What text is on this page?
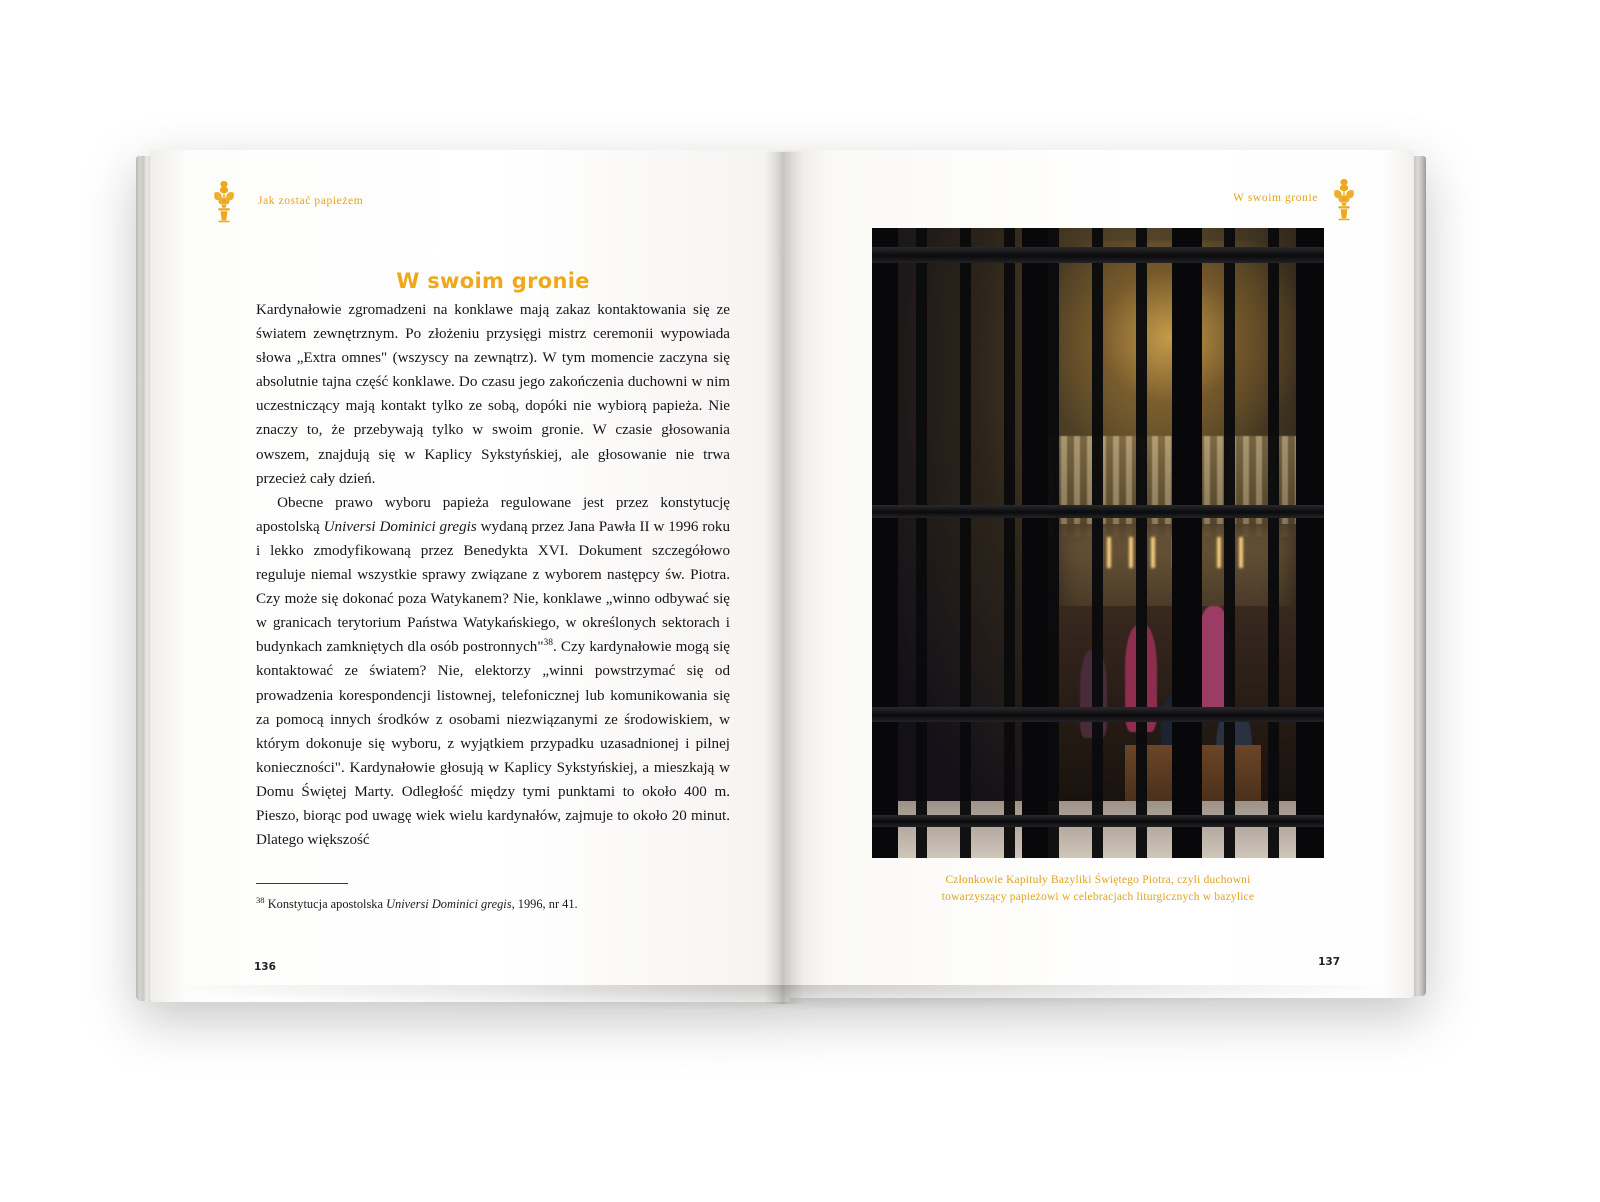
Jak zostać papieżem
W swoim gronie

Kardynałowie zgromadzeni na konklawe mają zakaz kontaktowania się ze światem zewnętrznym. Po złożeniu przysięgi mistrz ceremonii wypowiada słowa „Extra omnes" (wszyscy na zewnątrz). W tym momencie zaczyna się absolutnie tajna część konklawe. Do czasu jego zakończenia duchowni w nim uczestniczący mają kontakt tylko ze sobą, dopóki nie wybiorą papieża. Nie znaczy to, że przebywają tylko w swoim gronie. W czasie głosowania owszem, znajdują się w Kaplicy Sykstyńskiej, ale głosowanie nie trwa przecież cały dzień.

Obecne prawo wyboru papieża regulowane jest przez konstytucję apostolską Universi Dominici gregis wydaną przez Jana Pawła II w 1996 roku i lekko zmodyfikowaną przez Benedykta XVI. Dokument szczegółowo reguluje niemal wszystkie sprawy związane z wyborem następcy św. Piotra. Czy może się dokonać poza Watykanem? Nie, konklawe „winno odbywać się w granicach terytorium Państwa Watykańskiego, w określonych sektorach i budynkach zamkniętych dla osób postronnych"$^{38}$. Czy kardynałowie mogą się kontaktować ze światem? Nie, elektorzy „winni powstrzymać się od prowadzenia korespondencji listownej, telefonicznej lub komunikowania się za pomocą innych środków z osobami niezwiązanymi ze środowiskiem, w którym dokonuje się wyboru, z wyjątkiem przypadku uzasadnionej i pilnej konieczności". Kardynałowie głosują w Kaplicy Sykstyńskiej, a mieszkają w Domu Świętej Marty. Odległość między tymi punktami to około 400 m. Pieszo, biorąc pod uwagę wiek wielu kardynałów, zajmuje to około 20 minut. Dlatego większość

$^{38}$ Konstytucja apostolska Universi Dominici gregis, 1996, nr 41.
136
W swoim gronie
Członkowie Kapituły Bazyliki Świętego Piotra, czyli duchowni
towarzyszący papieżowi w celebracjach liturgicznych w bazylice
137
